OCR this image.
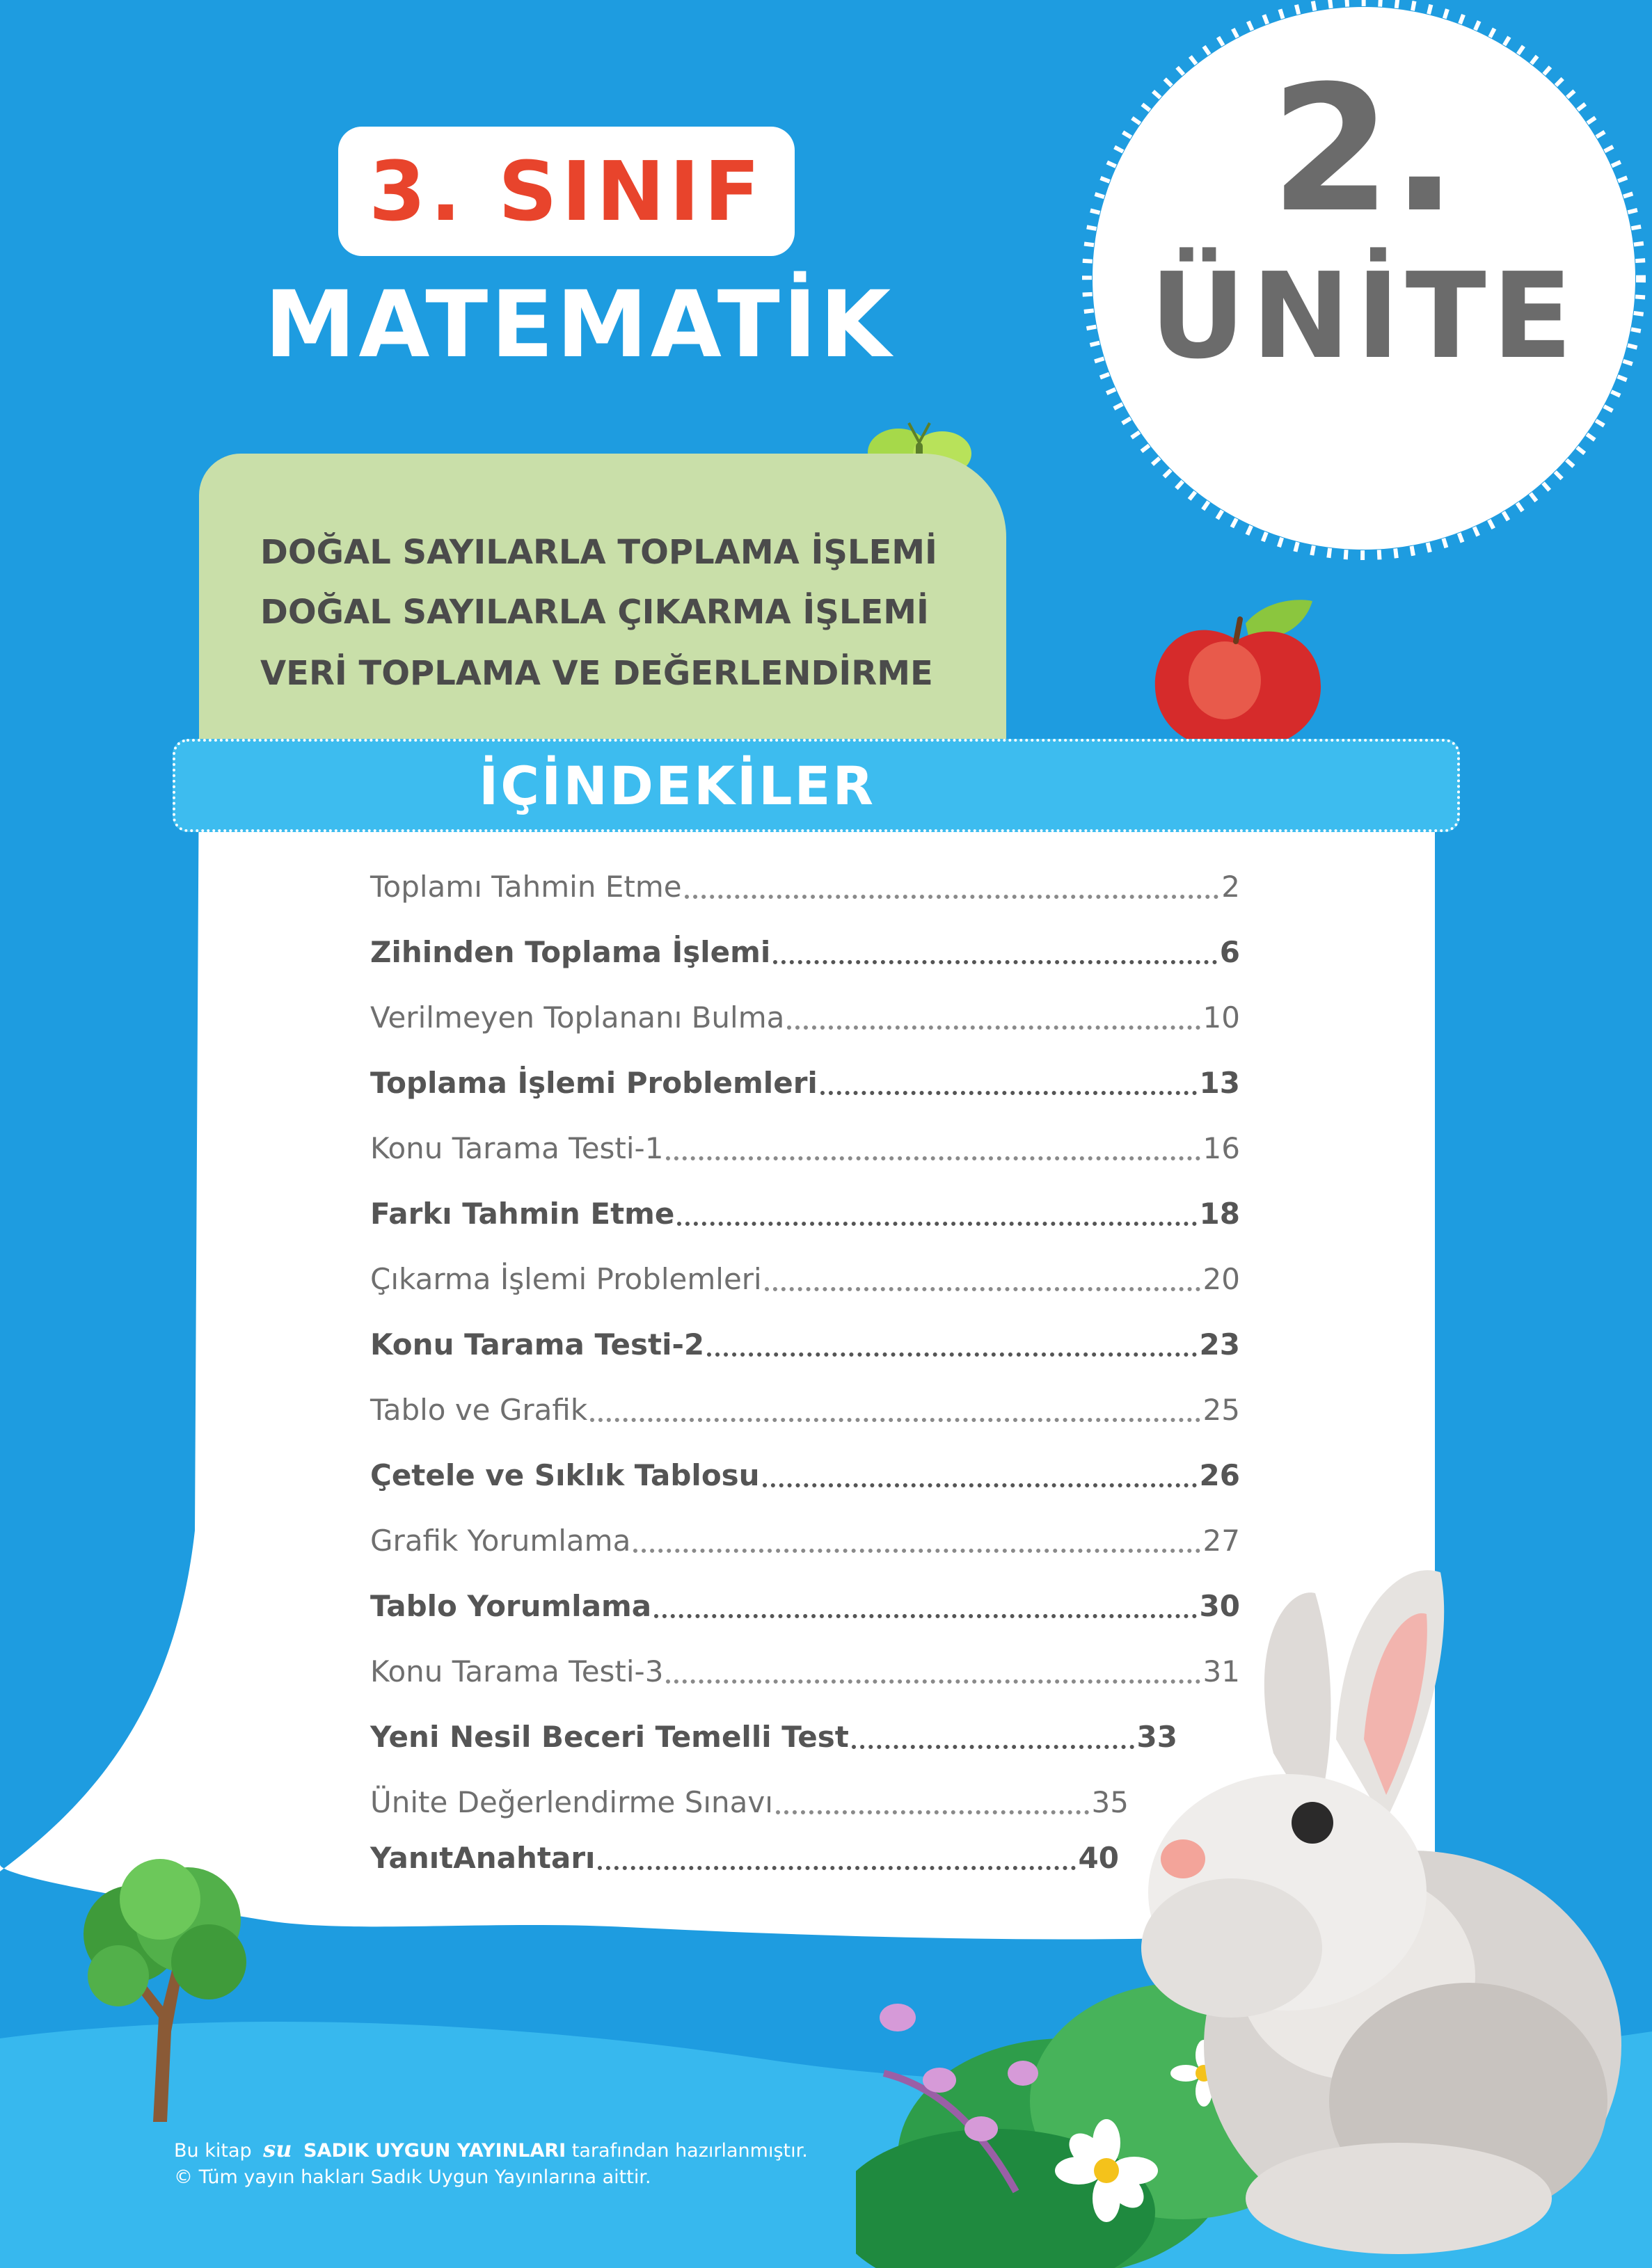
3. SINIF
MATEMATİK
2.
ÜNİTE
DOĞAL SAYILARLA TOPLAMA İŞLEMİ
DOĞAL SAYILARLA ÇIKARMA İŞLEMİ
VERİ TOPLAMA VE DEĞERLENDİRME
İÇİNDEKİLER
Toplamı Tahmin Etme	2
Zihinden Toplama İşlemi	6
Verilmeyen Toplananı Bulma	10
Toplama İşlemi Problemleri	13
Konu Tarama Testi-1	16
Farkı Tahmin Etme	18
Çıkarma İşlemi Problemleri	20
Konu Tarama Testi-2	23
Tablo ve Grafik	25
Çetele ve Sıklık Tablosu	26
Grafik Yorumlama	27
Tablo Yorumlama	30
Konu Tarama Testi-3	31
Yeni Nesil Beceri Temelli Test	33
Ünite Değerlendirme Sınavı	35
YanıtAnahtarı	40
Bu kitap su SADIK UYGUN YAYINLARI tarafından hazırlanmıştır.
© Tüm yayın hakları Sadık Uygun Yayınlarına aittir.
